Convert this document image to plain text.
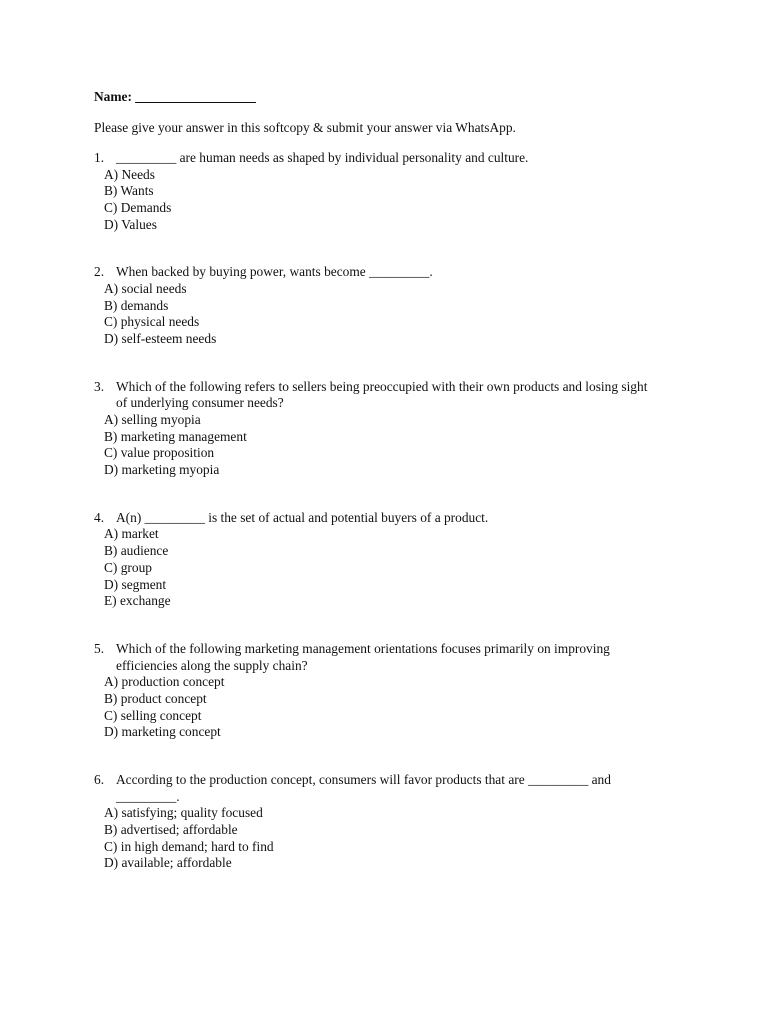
Name: __________________

Please give your answer in this softcopy & submit your answer via WhatsApp.

1. _________ are human needs as shaped by individual personality and culture.
A) Needs
B) Wants
C) Demands
D) Values
2. When backed by buying power, wants become _________.
A) social needs
B) demands
C) physical needs
D) self-esteem needs
3. Which of the following refers to sellers being preoccupied with their own products and losing sight of underlying consumer needs?
A) selling myopia
B) marketing management
C) value proposition
D) marketing myopia
4. A(n) _________ is the set of actual and potential buyers of a product.
A) market
B) audience
C) group
D) segment
E) exchange
5. Which of the following marketing management orientations focuses primarily on improving efficiencies along the supply chain?
A) production concept
B) product concept
C) selling concept
D) marketing concept
6. According to the production concept, consumers will favor products that are _________ and _________.
A) satisfying; quality focused
B) advertised; affordable
C) in high demand; hard to find
D) available; affordable
